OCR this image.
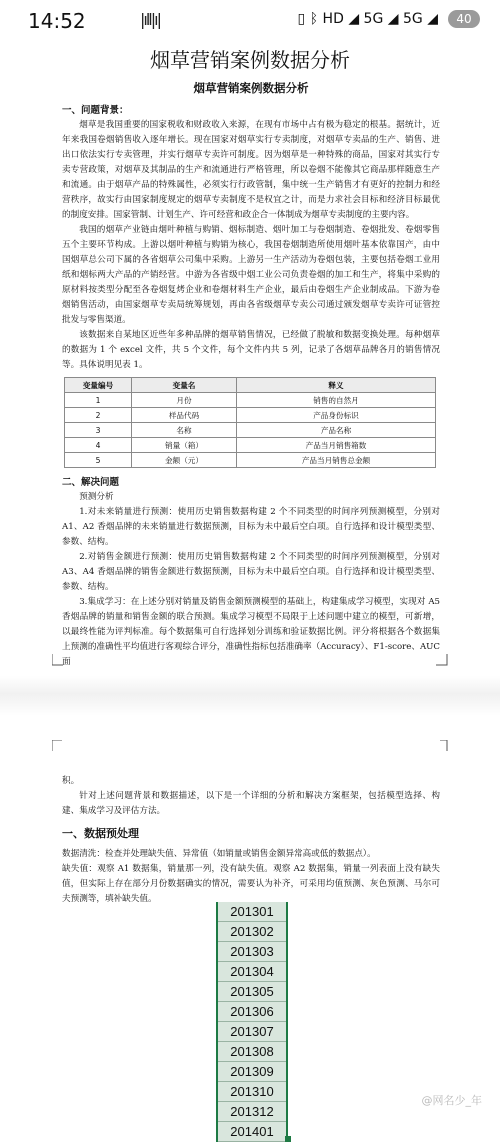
14:52	|ıll|ı|	▯ ᛒ HD ◢ 5G ◢ 5G ◢	40
烟草营销案例数据分析
烟草营销案例数据分析
一、问题背景：

烟草是我国重要的国家税收和财政收入来源，在现有市场中占有极为稳定的根基。据统计，近年来我国卷烟销售收入逐年增长。现在国家对烟草实行专卖制度，对烟草专卖品的生产、销售、进出口依法实行专卖管理，并实行烟草专卖许可制度。因为烟草是一种特殊的商品，国家对其实行专卖专营政策，对烟草及其制品的生产和流通进行严格管理，所以卷烟不能像其它商品那样随意生产和流通。由于烟草产品的特殊属性，必须实行行政管制，集中统一生产销售才有更好的控制力和经营秩序，故实行由国家制度规定的烟草专卖制度不是权宜之计，而是力求社会目标和经济目标最优的制度安排。国家管制、计划生产、许可经营和政企合一体制成为烟草专卖制度的主要内容。

我国的烟草产业链由烟叶种植与购销、烟标制造、烟叶加工与卷烟制造、卷烟批发、卷烟零售五个主要环节构成。上游以烟叶种植与购销为核心，我国卷烟制造所使用烟叶基本依靠国产，由中国烟草总公司下属的各省烟草公司集中采购。上游另一生产活动为卷烟包装，主要包括卷烟工业用纸和烟标两大产品的产销经营。中游为各省级中烟工业公司负责卷烟的加工和生产，将集中采购的原材料按类型分配至各卷烟复烤企业和卷烟材料生产企业，最后由卷烟生产企业制成品。下游为卷烟销售活动，由国家烟草专卖局统筹规划，再由各省级烟草专卖公司通过颁发烟草专卖许可证管控批发与零售渠道。

该数据来自某地区近些年多种品牌的烟草销售情况，已经做了脱敏和数据变换处理。每种烟草的数据为 1 个 excel 文件，共 5 个文件，每个文件内共 5 列，记录了各烟草品牌各月的销售情况等。具体说明见表 1。

变量编号	变量名	释义
1	月份	销售的自然月
2	样品代码	产品身份标识
3	名称	产品名称
4	销量（箱）	产品当月销售箱数
5	金额（元）	产品当月销售总金额
二、解决问题

预测分析

1.对未来销量进行预测：使用历史销售数据构建 2 个不同类型的时间序列预测模型，分别对 A1、A2 香烟品牌的未来销量进行数据预测，目标为未中最后空白项。自行选择和设计模型类型、参数、结构。

2.对销售金额进行预测：使用历史销售数据构建 2 个不同类型的时间序列预测模型，分别对 A3、A4 香烟品牌的销售金额进行数据预测，目标为未中最后空白项。自行选择和设计模型类型、参数、结构。

3.集成学习：在上述分别对销量及销售金额预测模型的基础上，构建集成学习模型，实现对 A5 香烟品牌的销量和销售金额的联合预测。集成学习模型不局限于上述问题中建立的模型，可新增，以最终性能为评判标准。每个数据集可自行选择划分训练和验证数据比例。评分将根据各个数据集上预测的准确性平均值进行客观综合评分，准确性指标包括准确率（Accuracy）、F1-score、AUC 面

积。

针对上述问题背景和数据描述，以下是一个详细的分析和解决方案框架，包括模型选择、构建、集成学习及评估方法。

一、数据预处理

数据清洗：检查并处理缺失值、异常值（如销量或销售金额异常高或低的数据点）。

缺失值：观察 A1 数据集，销量那一列，没有缺失值。观察 A2 数据集，销量一列表面上没有缺失值，但实际上存在部分月份数据确实的情况，需要认为补齐，可采用均值预测、灰色预测、马尔可夫预测等，填补缺失值。

201301
201302
201303
201304
201305
201306
201307
201308
201309
201310
201312
201401
@网名少_年
